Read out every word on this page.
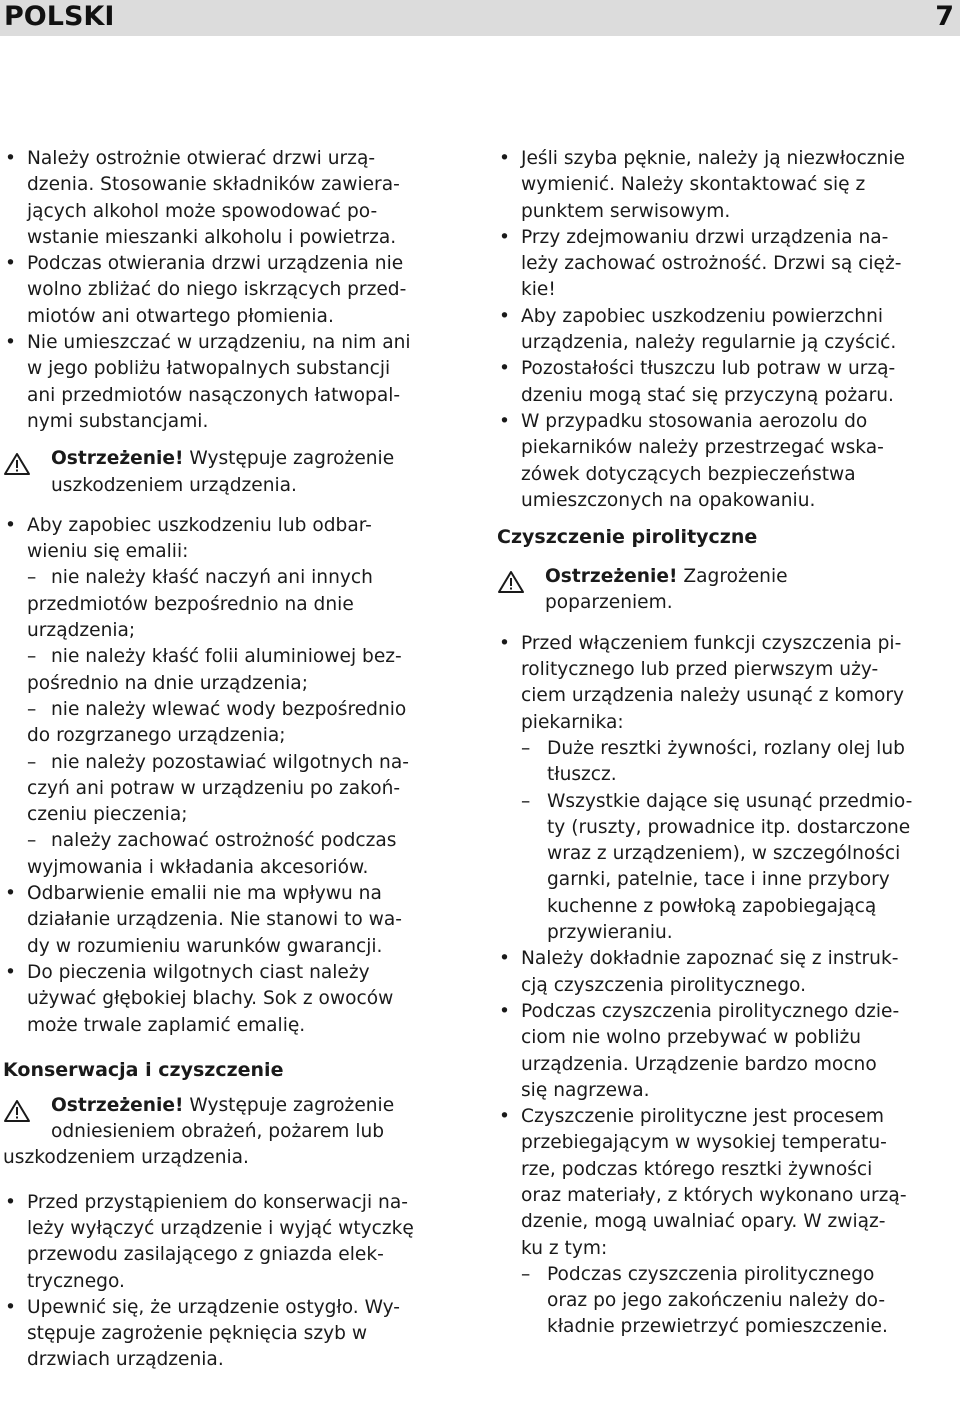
POLSKI	7
• Należy ostrożnie otwierać drzwi urzą-
dzenia. Stosowanie składników zawiera-
jących alkohol może spowodować po-
wstanie mieszanki alkoholu i powietrza.
• Podczas otwierania drzwi urządzenia nie
wolno zbliżać do niego iskrzących przed-
miotów ani otwartego płomienia.
• Nie umieszczać w urządzeniu, na nim ani
w jego pobliżu łatwopalnych substancji
ani przedmiotów nasączonych łatwopal-
nymi substancjami.
Ostrzeżenie! Występuje zagrożenie
uszkodzeniem urządzenia.
• Aby zapobiec uszkodzeniu lub odbar-
wieniu się emalii:
– nie należy kłaść naczyń ani innych
przedmiotów bezpośrednio na dnie
urządzenia;
– nie należy kłaść folii aluminiowej bez-
pośrednio na dnie urządzenia;
– nie należy wlewać wody bezpośrednio
do rozgrzanego urządzenia;
– nie należy pozostawiać wilgotnych na-
czyń ani potraw w urządzeniu po zakoń-
czeniu pieczenia;
– należy zachować ostrożność podczas
wyjmowania i wkładania akcesoriów.
• Odbarwienie emalii nie ma wpływu na
działanie urządzenia. Nie stanowi to wa-
dy w rozumieniu warunków gwarancji.
• Do pieczenia wilgotnych ciast należy
używać głębokiej blachy. Sok z owoców
może trwale zaplamić emalię.
Konserwacja i czyszczenie
Ostrzeżenie! Występuje zagrożenie
odniesieniem obrażeń, pożarem lub
uszkodzeniem urządzenia.
• Przed przystąpieniem do konserwacji na-
leży wyłączyć urządzenie i wyjąć wtyczkę
przewodu zasilającego z gniazda elek-
trycznego.
• Upewnić się, że urządzenie ostygło. Wy-
stępuje zagrożenie pęknięcia szyb w
drzwiach urządzenia.
• Jeśli szyba pęknie, należy ją niezwłocznie
wymienić. Należy skontaktować się z
punktem serwisowym.
• Przy zdejmowaniu drzwi urządzenia na-
leży zachować ostrożność. Drzwi są cięż-
kie!
• Aby zapobiec uszkodzeniu powierzchni
urządzenia, należy regularnie ją czyścić.
• Pozostałości tłuszczu lub potraw w urzą-
dzeniu mogą stać się przyczyną pożaru.
• W przypadku stosowania aerozolu do
piekarników należy przestrzegać wska-
zówek dotyczących bezpieczeństwa
umieszczonych na opakowaniu.
Czyszczenie pirolityczne
Ostrzeżenie! Zagrożenie
poparzeniem.
• Przed włączeniem funkcji czyszczenia pi-
rolitycznego lub przed pierwszym uży-
ciem urządzenia należy usunąć z komory
piekarnika:
– Duże resztki żywności, rozlany olej lub
tłuszcz.
– Wszystkie dające się usunąć przedmio-
ty (ruszty, prowadnice itp. dostarczone
wraz z urządzeniem), w szczególności
garnki, patelnie, tace i inne przybory
kuchenne z powłoką zapobiegającą
przywieraniu.
• Należy dokładnie zapoznać się z instruk-
cją czyszczenia pirolitycznego.
• Podczas czyszczenia pirolitycznego dzie-
ciom nie wolno przebywać w pobliżu
urządzenia. Urządzenie bardzo mocno
się nagrzewa.
• Czyszczenie pirolityczne jest procesem
przebiegającym w wysokiej temperatu-
rze, podczas którego resztki żywności
oraz materiały, z których wykonano urzą-
dzenie, mogą uwalniać opary. W związ-
ku z tym:
– Podczas czyszczenia pirolitycznego
oraz po jego zakończeniu należy do-
kładnie przewietrzyć pomieszczenie.
